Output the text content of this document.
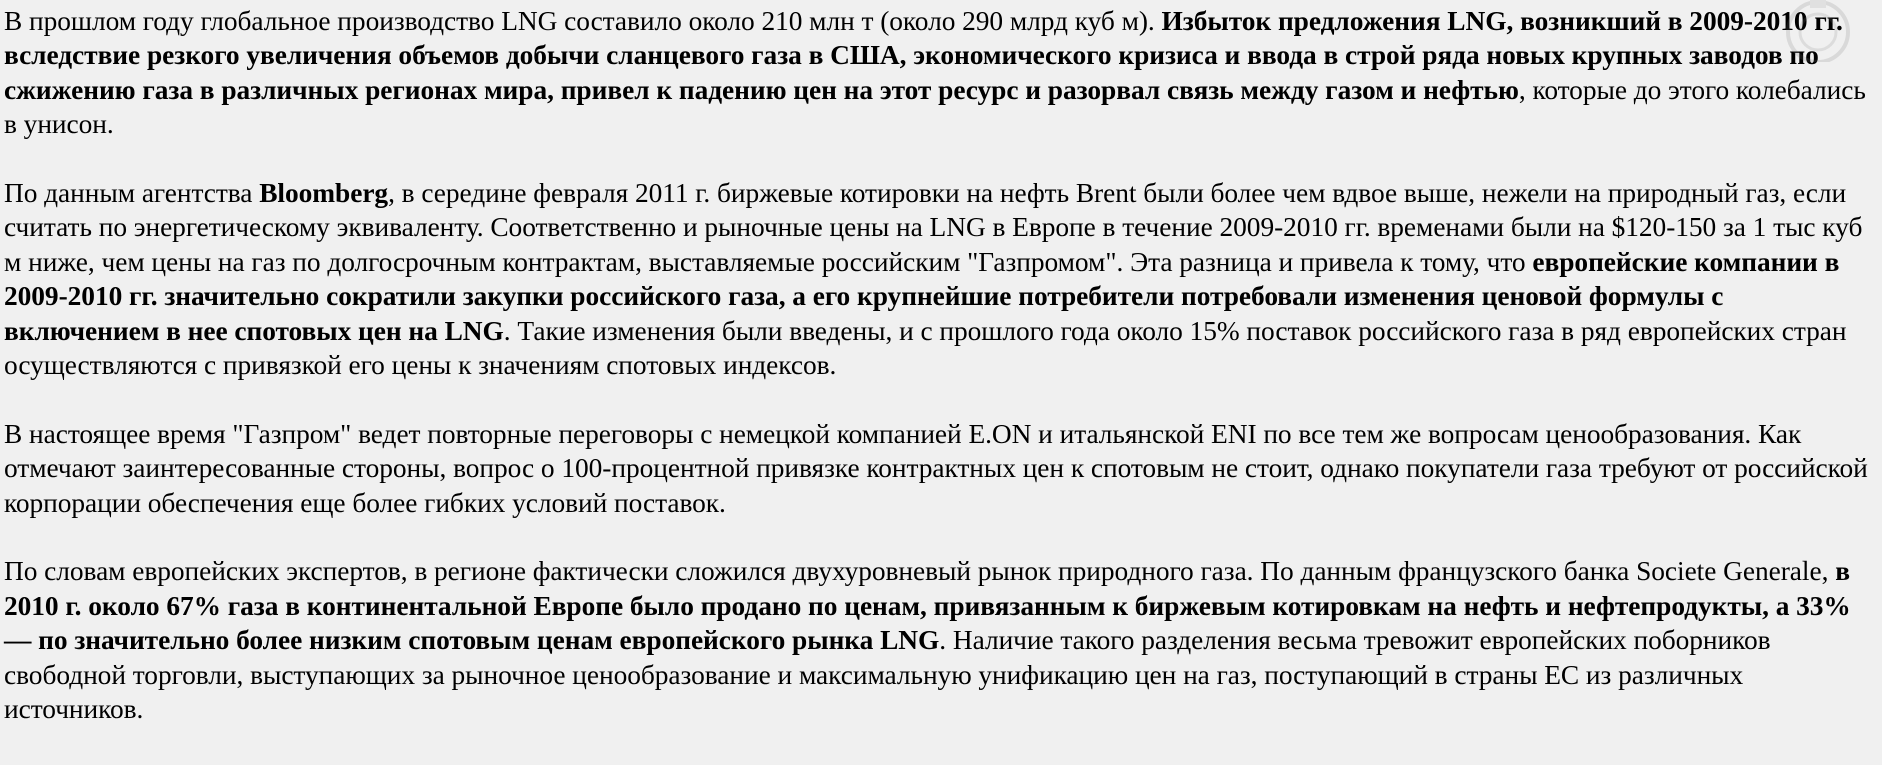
В прошлом году глобальное производство LNG составило около 210 млн т (около 290 млрд куб м). Избыток предложения LNG, возникший в 2009-2010 гг. вследствие резкого увеличения объемов добычи сланцевого газа в США, экономического кризиса и ввода в строй ряда новых крупных заводов по сжижению газа в различных регионах мира, привел к падению цен на этот ресурс и разорвал связь между газом и нефтью, которые до этого колебались в унисон.

По данным агентства Bloomberg, в середине февраля 2011 г. биржевые котировки на нефть Brent были более чем вдвое выше, нежели на природный газ, если считать по энергетическому эквиваленту. Соответственно и рыночные цены на LNG в Европе в течение 2009-2010 гг. временами были на $120-150 за 1 тыс куб м ниже, чем цены на газ по долгосрочным контрактам, выставляемые российским "Газпромом". Эта разница и привела к тому, что европейские компании в 2009-2010 гг. значительно сократили закупки российского газа, а его крупнейшие потребители потребовали изменения ценовой формулы с включением в нее спотовых цен на LNG. Такие изменения были введены, и с прошлого года около 15% поставок российского газа в ряд европейских стран осуществляются с привязкой его цены к значениям спотовых индексов.

В настоящее время "Газпром" ведет повторные переговоры с немецкой компанией E.ON и итальянской ENI по все тем же вопросам ценообразования. Как отмечают заинтересованные стороны, вопрос о 100-процентной привязке контрактных цен к спотовым не стоит, однако покупатели газа требуют от российской корпорации обеспечения еще более гибких условий поставок.

По словам европейских экспертов, в регионе фактически сложился двухуровневый рынок природного газа. По данным французского банка Societe Generale, в 2010 г. около 67% газа в континентальной Европе было продано по ценам, привязанным к биржевым котировкам на нефть и нефтепродукты, а 33% — по значительно более низким спотовым ценам европейского рынка LNG. Наличие такого разделения весьма тревожит европейских поборников свободной торговли, выступающих за рыночное ценообразование и максимальную унификацию цен на газ, поступающий в страны ЕС из различных источников.
